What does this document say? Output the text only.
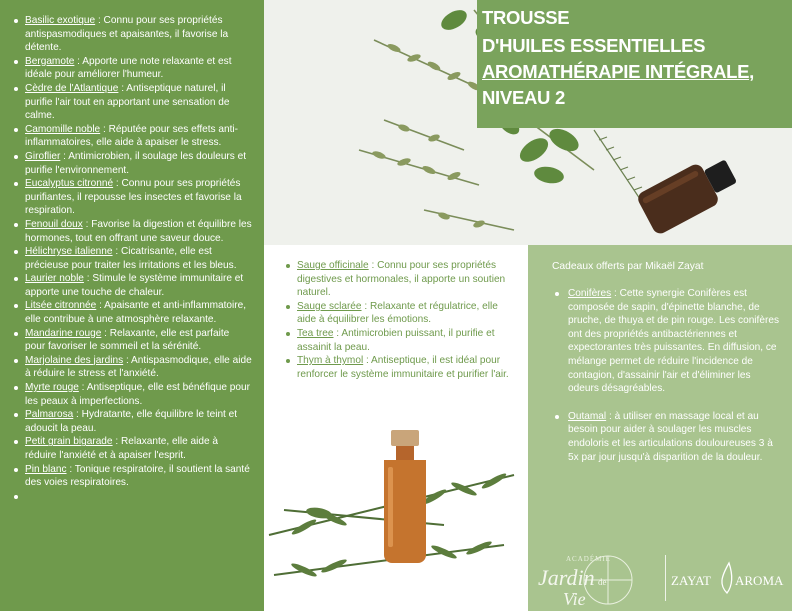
Basilic exotique : Connu pour ses propriétés antispasmodiques et apaisantes, il favorise la détente.
Bergamote : Apporte une note relaxante et est idéale pour améliorer l'humeur.
Cèdre de l'Atlantique : Antiseptique naturel, il purifie l'air tout en apportant une sensation de calme.
Camomille noble : Réputée pour ses effets anti-inflammatoires, elle aide à apaiser le stress.
Giroflier : Antimicrobien, il soulage les douleurs et purifie l'environnement.
Eucalyptus citronné : Connu pour ses propriétés purifiantes, il repousse les insectes et favorise la respiration.
Fenouil doux : Favorise la digestion et équilibre les hormones, tout en offrant une saveur douce.
Hélichryse italienne : Cicatrisante, elle est précieuse pour traiter les irritations et les bleus.
Laurier noble : Stimule le système immunitaire et apporte une touche de chaleur.
Litsée citronnée : Apaisante et anti-inflammatoire, elle contribue à une atmosphère relaxante.
Mandarine rouge : Relaxante, elle est parfaite pour favoriser le sommeil et la sérénité.
Marjolaine des jardins : Antispasmodique, elle aide à réduire le stress et l'anxiété.
Myrte rouge : Antiseptique, elle est bénéfique pour les peaux à imperfections.
Palmarosa : Hydratante, elle équilibre le teint et adoucit la peau.
Petit grain bigarade : Relaxante, elle aide à réduire l'anxiété et à apaiser l'esprit.
Pin blanc : Tonique respiratoire, il soutient la santé des voies respiratoires.
TROUSSE
D'HUILES ESSENTIELLES
AROMATHÉRAPIE INTÉGRALE,
NIVEAU 2
Sauge officinale : Connu pour ses propriétés digestives et hormonales, il apporte un soutien naturel.
Sauge sclarée : Relaxante et régulatrice, elle aide à équilibrer les émotions.
Tea tree : Antimicrobien puissant, il purifie et assainit la peau.
Thym à thymol : Antiseptique, il est idéal pour renforcer le système immunitaire et purifier l'air.
Cadeaux offerts par Mikaël Zayat
Conifères : Cette synergie Conifères est composée de sapin, d'épinette blanche, de pruche, de thuya et de pin rouge. Les conifères ont des propriétés antibactériennes et expectorantes très puissantes. En diffusion, ce mélange permet de réduire l'incidence de contagion, d'assainir l'air et d'éliminer les odeurs désagréables.
Outamal : à utiliser en massage local et au besoin pour aider à soulager les muscles endoloris et les articulations douloureuses 3 à 5x par jour jusqu'à disparition de la douleur.
ACADÉMIE
Jardin de
Vie
ZAYAT AROMA
